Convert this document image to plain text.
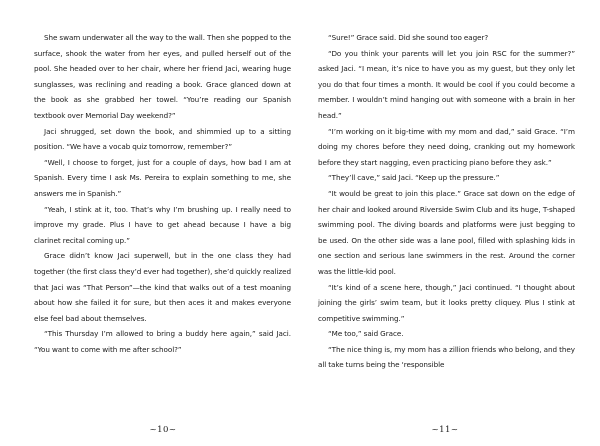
She swam underwater all the way to the wall. Then she popped to the surface, shook the water from her eyes, and pulled herself out of the pool. She headed over to her chair, where her friend Jaci, wearing huge sunglasses, was reclining and reading a book. Grace glanced down at the book as she grabbed her towel. “You’re reading our Spanish textbook over Memorial Day weekend?”

Jaci shrugged, set down the book, and shimmied up to a sitting position. “We have a vocab quiz tomorrow, remember?”

“Well, I choose to forget, just for a couple of days, how bad I am at Spanish. Every time I ask Ms. Pereira to explain something to me, she answers me in Spanish.”

“Yeah, I stink at it, too. That’s why I’m brushing up. I really need to improve my grade. Plus I have to get ahead because I have a big clarinet recital coming up.”

Grace didn’t know Jaci superwell, but in the one class they had together (the first class they’d ever had together), she’d quickly realized that Jaci was “That Person”—the kind that walks out of a test moaning about how she failed it for sure, but then aces it and makes everyone else feel bad about themselves.

“This Thursday I’m allowed to bring a buddy here again,” said Jaci. “You want to come with me after school?”

~10~

“Sure!” Grace said. Did she sound too eager?

“Do you think your parents will let you join RSC for the summer?” asked Jaci. “I mean, it’s nice to have you as my guest, but they only let you do that four times a month. It would be cool if you could become a member. I wouldn’t mind hanging out with someone with a brain in her head.”

“I’m working on it big-time with my mom and dad,” said Grace. “I’m doing my chores before they need doing, cranking out my homework before they start nagging, even practicing piano before they ask.”

“They’ll cave,” said Jaci. “Keep up the pressure.”

“It would be great to join this place.” Grace sat down on the edge of her chair and looked around Riverside Swim Club and its huge, T-shaped swimming pool. The diving boards and platforms were just begging to be used. On the other side was a lane pool, filled with splashing kids in one section and serious lane swimmers in the rest. Around the corner was the little-kid pool.

“It’s kind of a scene here, though,” Jaci continued. “I thought about joining the girls’ swim team, but it looks pretty cliquey. Plus I stink at competitive swimming.”

“Me too,” said Grace.

“The nice thing is, my mom has a zillion friends who belong, and they all take turns being the ‘responsible

~11~
